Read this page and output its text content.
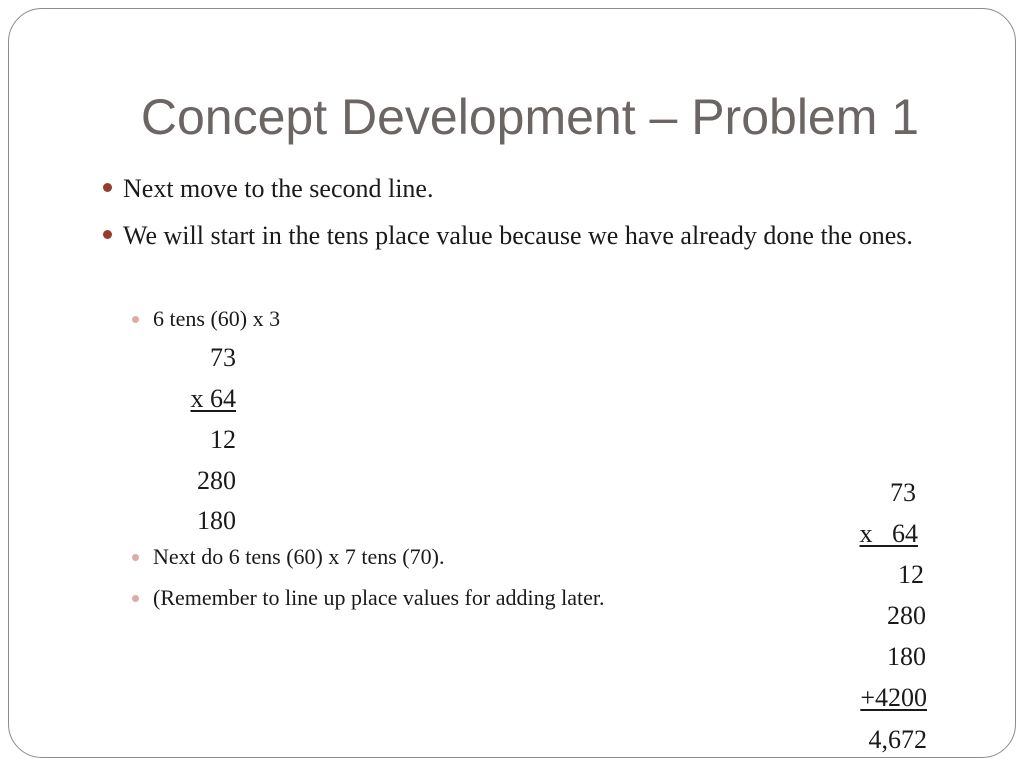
Concept Development – Problem 1
Next move to the second line.
We will start in the tens place value because we have already done the ones.
6 tens (60) x 3
73
x 64
12
280
180
Next do 6 tens (60) x 7 tens (70).
(Remember to line up place values for adding later.
73
x   64
12
280
180
+4200
4,672
